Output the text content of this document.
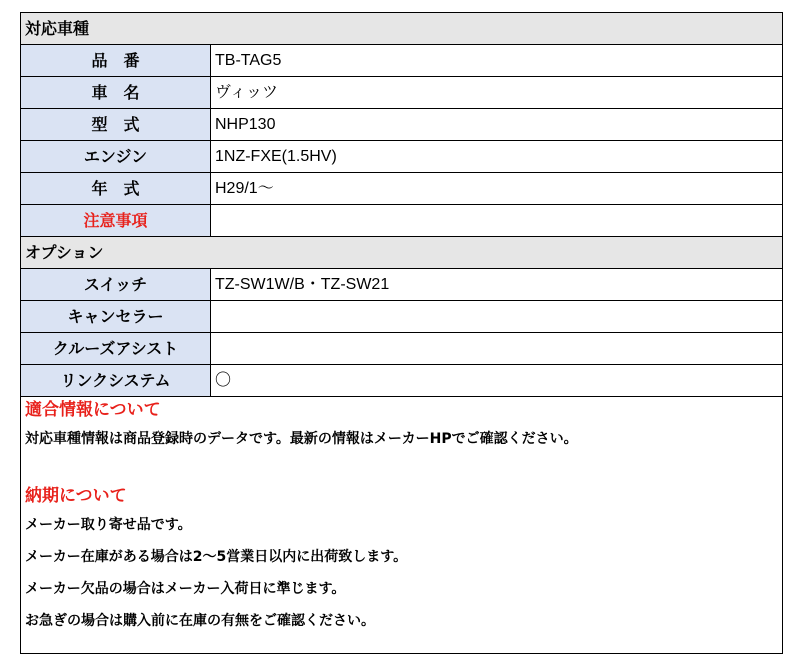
対応車種
品　番	TB-TAG5
車　名	ヴィッツ
型　式	NHP130
エンジン	1NZ-FXE(1.5HV)
年　式	H29/1～
注意事項
オプション
スイッチ	TZ-SW1W/B・TZ-SW21
キャンセラー
クルーズアシスト
リンクシステム	〇
適合情報について
対応車種情報は商品登録時のデータです。最新の情報はメーカーHPでご確認ください。
納期について
メーカー取り寄せ品です。
メーカー在庫がある場合は2～5営業日以内に出荷致します。
メーカー欠品の場合はメーカー入荷日に準じます。
お急ぎの場合は購入前に在庫の有無をご確認ください。
